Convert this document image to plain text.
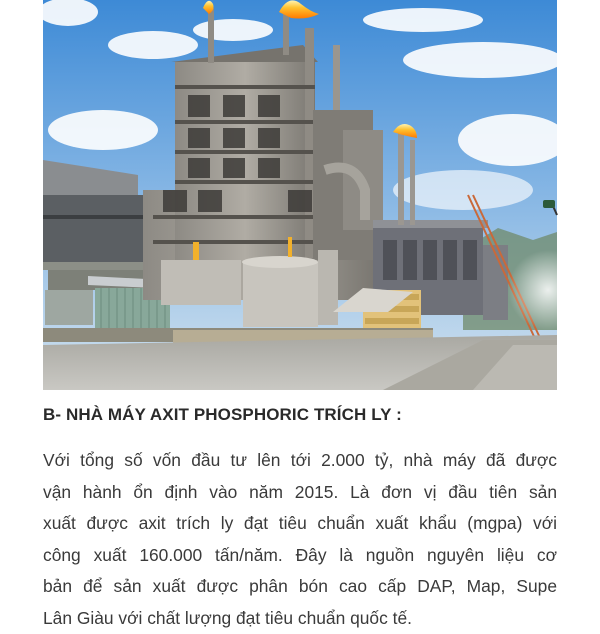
B- NHÀ MÁY AXIT PHOSPHORIC TRÍCH LY :

Với tổng số vốn đầu tư lên tới 2.000 tỷ, nhà máy đã được
vận hành ổn định vào năm 2015. Là đơn vị đầu tiên sản
xuất được axit trích ly đạt tiêu chuẩn xuất khẩu (mgpa) với
công xuất 160.000 tấn/năm. Đây là nguồn nguyên liệu cơ
bản để sản xuất được phân bón cao cấp DAP, Map, Supe
Lân Giàu với chất lượng đạt tiêu chuẩn quốc tế.
